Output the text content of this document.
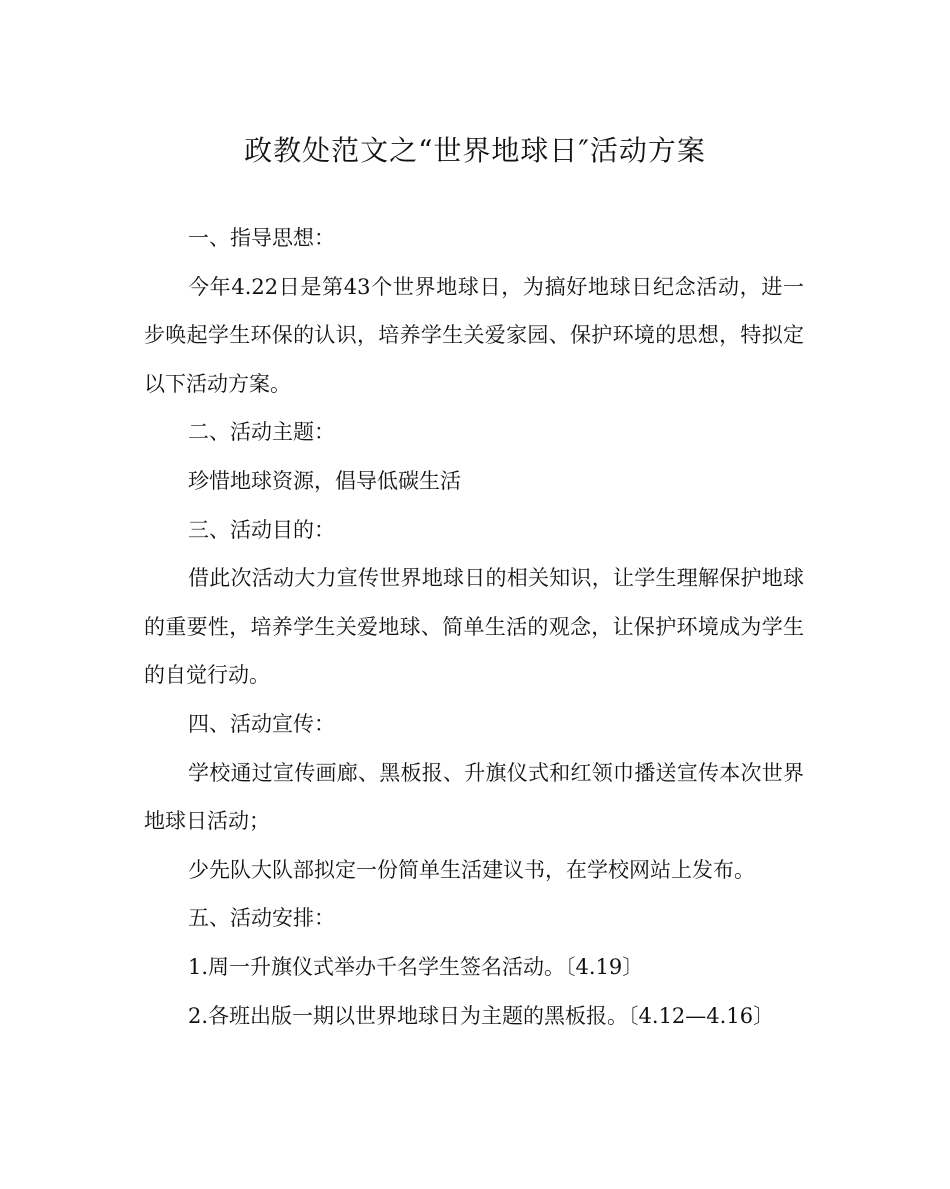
政教处范文之“世界地球日″活动方案

一、指导思想：

今年4.22日是第43个世界地球日，为搞好地球日纪念活动，进一步唤起学生环保的认识，培养学生关爱家园、保护环境的思想，特拟定以下活动方案。

二、活动主题：

珍惜地球资源，倡导低碳生活

三、活动目的：

借此次活动大力宣传世界地球日的相关知识，让学生理解保护地球的重要性，培养学生关爱地球、简单生活的观念，让保护环境成为学生的自觉行动。

四、活动宣传：

学校通过宣传画廊、黑板报、升旗仪式和红领巾播送宣传本次世界地球日活动；

少先队大队部拟定一份简单生活建议书，在学校网站上发布。

五、活动安排：

1.周一升旗仪式举办千名学生签名活动。〔4.19〕

2.各班出版一期以世界地球日为主题的黑板报。〔4.12—4.16〕
